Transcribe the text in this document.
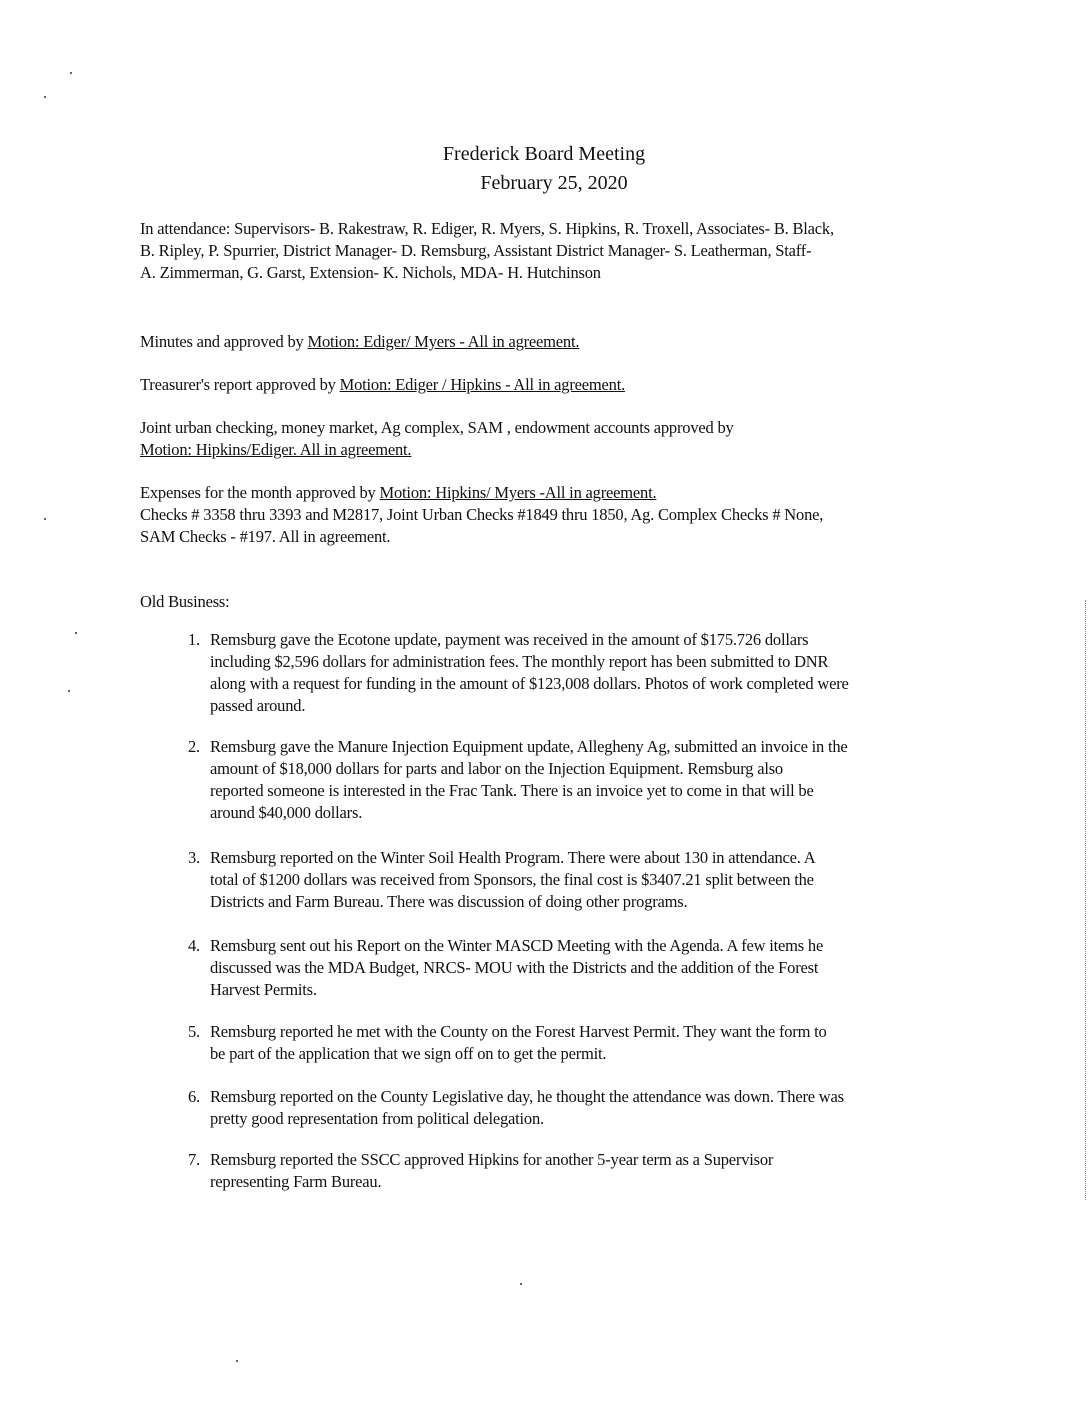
Frederick Board Meeting
February 25, 2020
In attendance: Supervisors- B. Rakestraw, R. Ediger, R. Myers, S. Hipkins, R. Troxell, Associates- B. Black,
B. Ripley, P. Spurrier, District Manager- D. Remsburg, Assistant District Manager- S. Leatherman, Staff-
A. Zimmerman, G. Garst, Extension- K. Nichols, MDA- H. Hutchinson
Minutes and approved by Motion: Ediger/ Myers - All in agreement.
Treasurer's report approved by Motion: Ediger / Hipkins - All in agreement.
Joint urban checking, money market, Ag complex, SAM , endowment accounts approved by
Motion: Hipkins/Ediger. All in agreement.
Expenses for the month approved by Motion: Hipkins/ Myers -All in agreement.
Checks # 3358 thru 3393 and M2817, Joint Urban Checks #1849 thru 1850, Ag. Complex Checks # None,
SAM Checks - #197. All in agreement.
Old Business:
1. Remsburg gave the Ecotone update, payment was received in the amount of $175.726 dollars
including $2,596 dollars for administration fees. The monthly report has been submitted to DNR
along with a request for funding in the amount of $123,008 dollars. Photos of work completed were
passed around.
2. Remsburg gave the Manure Injection Equipment update, Allegheny Ag, submitted an invoice in the
amount of $18,000 dollars for parts and labor on the Injection Equipment. Remsburg also
reported someone is interested in the Frac Tank. There is an invoice yet to come in that will be
around $40,000 dollars.
3. Remsburg reported on the Winter Soil Health Program. There were about 130 in attendance. A
total of $1200 dollars was received from Sponsors, the final cost is $3407.21 split between the
Districts and Farm Bureau. There was discussion of doing other programs.
4. Remsburg sent out his Report on the Winter MASCD Meeting with the Agenda. A few items he
discussed was the MDA Budget, NRCS- MOU with the Districts and the addition of the Forest
Harvest Permits.
5. Remsburg reported he met with the County on the Forest Harvest Permit. They want the form to
be part of the application that we sign off on to get the permit.
6. Remsburg reported on the County Legislative day, he thought the attendance was down. There was
pretty good representation from political delegation.
7. Remsburg reported the SSCC approved Hipkins for another 5-year term as a Supervisor
representing Farm Bureau.
